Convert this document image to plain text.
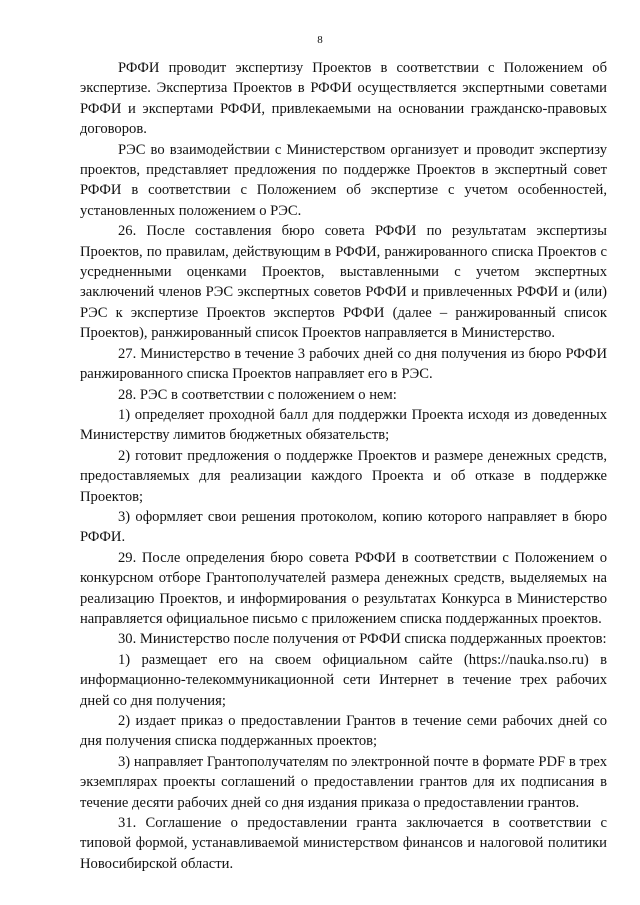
8

РФФИ проводит экспертизу Проектов в соответствии с Положением об экспертизе. Экспертиза Проектов в РФФИ осуществляется экспертными советами РФФИ и экспертами РФФИ, привлекаемыми на основании гражданско-правовых договоров.

РЭС во взаимодействии с Министерством организует и проводит экспертизу проектов, представляет предложения по поддержке Проектов в экспертный совет РФФИ в соответствии с Положением об экспертизе с учетом особенностей, установленных положением о РЭС.

26. После составления бюро совета РФФИ по результатам экспертизы Проектов, по правилам, действующим в РФФИ, ранжированного списка Проектов с усредненными оценками Проектов, выставленными с учетом экспертных заключений членов РЭС экспертных советов РФФИ и привлеченных РФФИ и (или) РЭС к экспертизе Проектов экспертов РФФИ (далее – ранжированный список Проектов), ранжированный список Проектов направляется в Министерство.

27. Министерство в течение 3 рабочих дней со дня получения из бюро РФФИ ранжированного списка Проектов направляет его в РЭС.

28. РЭС в соответствии с положением о нем:

1) определяет проходной балл для поддержки Проекта исходя из доведенных Министерству лимитов бюджетных обязательств;

2) готовит предложения о поддержке Проектов и размере денежных средств, предоставляемых для реализации каждого Проекта и об отказе в поддержке Проектов;

3) оформляет свои решения протоколом, копию которого направляет в бюро РФФИ.

29. После определения бюро совета РФФИ в соответствии с Положением о конкурсном отборе Грантополучателей размера денежных средств, выделяемых на реализацию Проектов, и информирования о результатах Конкурса в Министерство направляется официальное письмо с приложением списка поддержанных проектов.

30. Министерство после получения от РФФИ списка поддержанных проектов:

1) размещает его на своем официальном сайте (https://nauka.nso.ru) в информационно-телекоммуникационной сети Интернет в течение трех рабочих дней со дня получения;

2) издает приказ о предоставлении Грантов в течение семи рабочих дней со дня получения списка поддержанных проектов;

3) направляет Грантополучателям по электронной почте в формате PDF в трех экземплярах проекты соглашений о предоставлении грантов для их подписания в течение десяти рабочих дней со дня издания приказа о предоставлении грантов.

31. Соглашение о предоставлении гранта заключается в соответствии с типовой формой, устанавливаемой министерством финансов и налоговой политики Новосибирской области.
